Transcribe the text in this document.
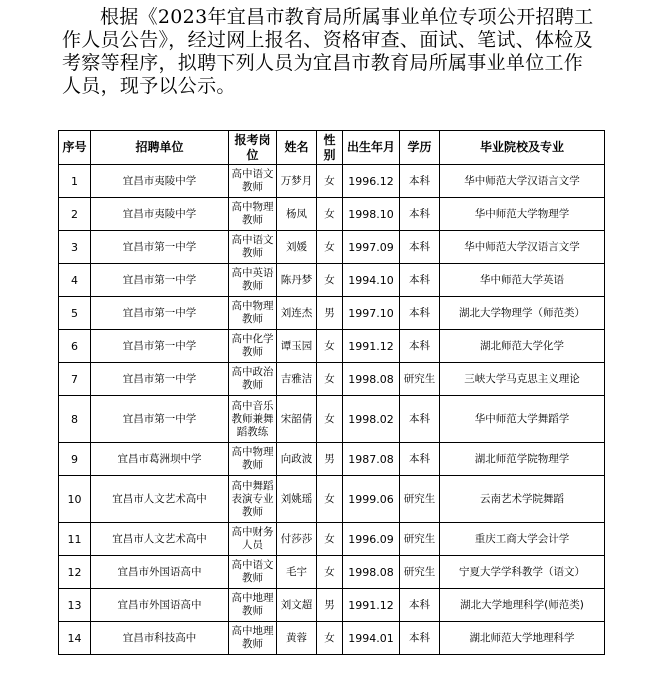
根据《2023年宜昌市教育局所属事业单位专项公开招聘工作人员公告》，经过网上报名、资格审查、面试、笔试、体检及考察等程序，拟聘下列人员为宜昌市教育局所属事业单位工作人员，现予以公示。

序号	招聘单位	报考岗位	姓名	性别	出生年月	学历	毕业院校及专业
1	宜昌市夷陵中学	高中语文教师	万梦月	女	1996.12	本科	华中师范大学汉语言文学
2	宜昌市夷陵中学	高中物理教师	杨凤	女	1998.10	本科	华中师范大学物理学
3	宜昌市第一中学	高中语文教师	刘媛	女	1997.09	本科	华中师范大学汉语言文学
4	宜昌市第一中学	高中英语教师	陈丹梦	女	1994.10	本科	华中师范大学英语
5	宜昌市第一中学	高中物理教师	刘连杰	男	1997.10	本科	湖北大学物理学（师范类）
6	宜昌市第一中学	高中化学教师	谭玉园	女	1991.12	本科	湖北师范大学化学
7	宜昌市第一中学	高中政治教师	吉雅洁	女	1998.08	研究生	三峡大学马克思主义理论
8	宜昌市第一中学	高中音乐教师兼舞蹈教练	宋韶倩	女	1998.02	本科	华中师范大学舞蹈学
9	宜昌市葛洲坝中学	高中物理教师	向政波	男	1987.08	本科	湖北师范学院物理学
10	宜昌市人文艺术高中	高中舞蹈表演专业教师	刘姚瑶	女	1999.06	研究生	云南艺术学院舞蹈
11	宜昌市人文艺术高中	高中财务人员	付莎莎	女	1996.09	研究生	重庆工商大学会计学
12	宜昌市外国语高中	高中语文教师	毛宇	女	1998.08	研究生	宁夏大学学科教学（语文）
13	宜昌市外国语高中	高中地理教师	刘文超	男	1991.12	本科	湖北大学地理科学(师范类)
14	宜昌市科技高中	高中地理教师	黄蓉	女	1994.01	本科	湖北师范大学地理科学
